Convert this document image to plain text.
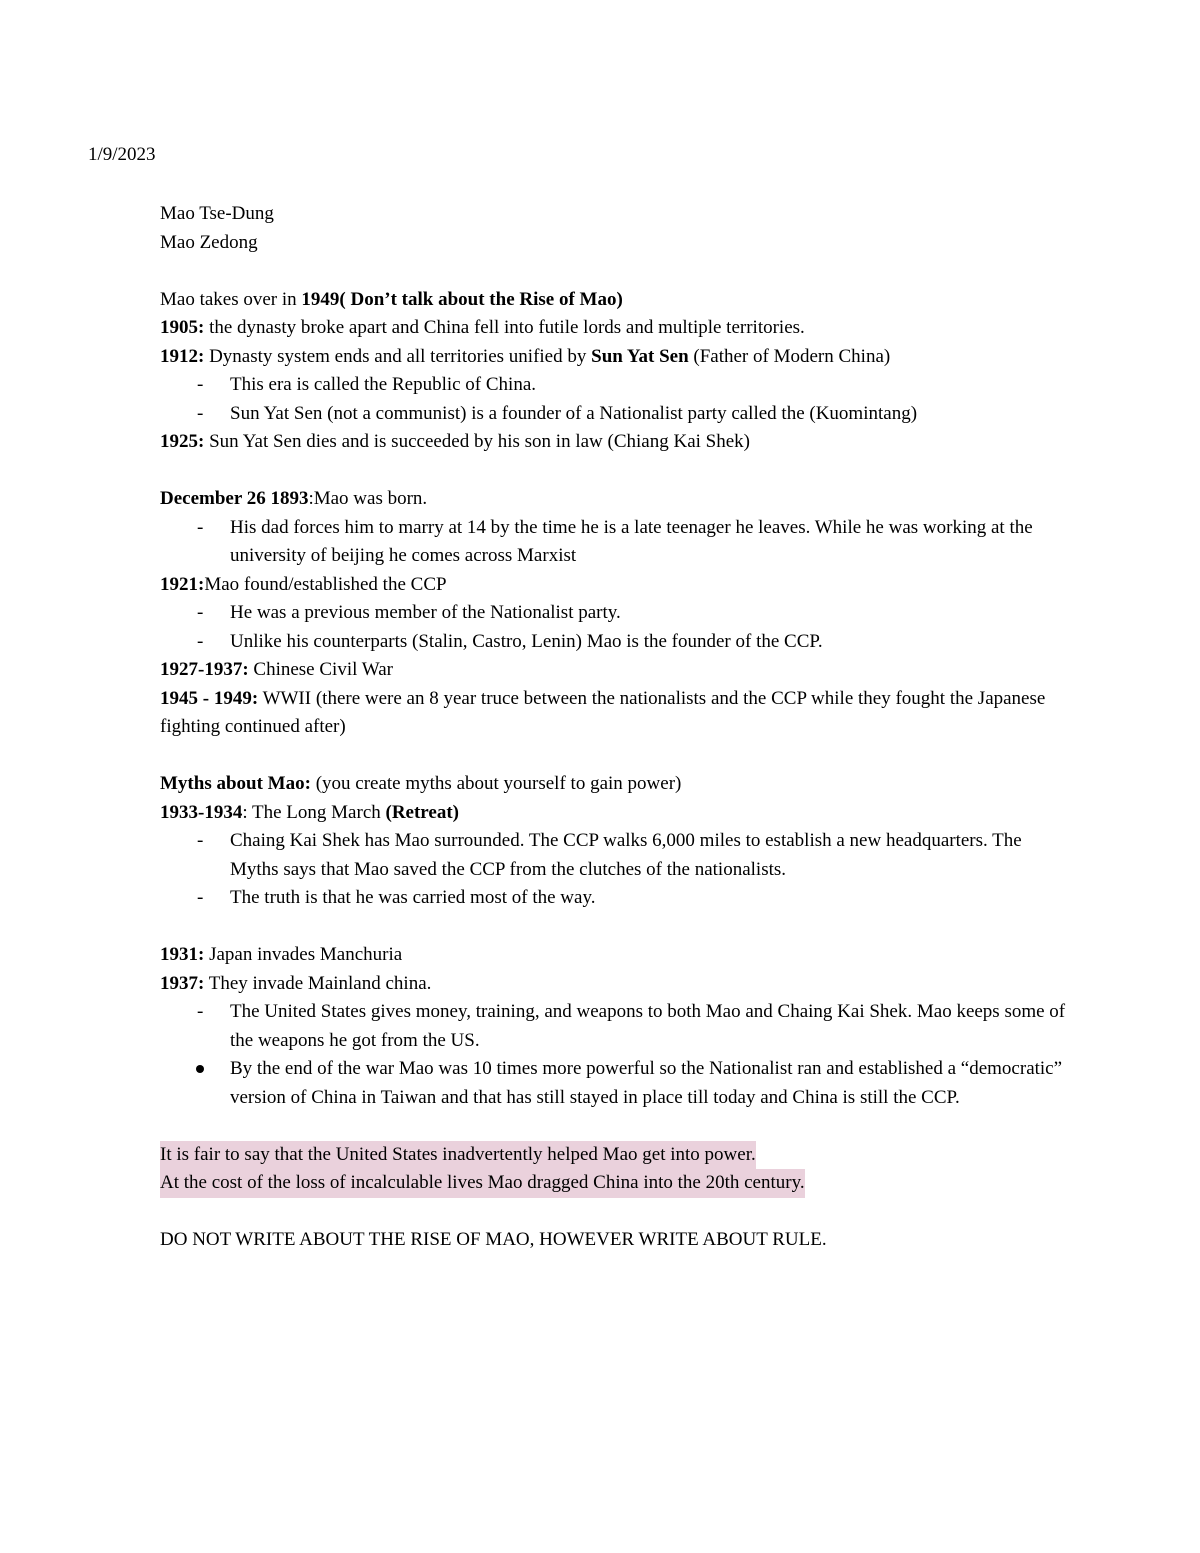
1/9/2023
Mao Tse-Dung
Mao Zedong
Mao takes over in 1949( Don’t talk about the Rise of Mao)
1905: the dynasty broke apart and China fell into futile lords and multiple territories.
1912: Dynasty system ends and all territories unified by Sun Yat Sen (Father of Modern China)
- This era is called the Republic of China.
- Sun Yat Sen (not a communist) is a founder of a Nationalist party called the (Kuomintang)
1925: Sun Yat Sen dies and is succeeded by his son in law (Chiang Kai Shek)
December 26 1893:Mao was born.
- His dad forces him to marry at 14 by the time he is a late teenager he leaves. While he was working at the university of beijing he comes across Marxist
1921:Mao found/established the CCP
- He was a previous member of the Nationalist party.
- Unlike his counterparts (Stalin, Castro, Lenin) Mao is the founder of the CCP.
1927-1937: Chinese Civil War
1945 - 1949: WWII (there were an 8 year truce between the nationalists and the CCP while they fought the Japanese fighting continued after)
Myths about Mao: (you create myths about yourself to gain power)
1933-1934: The Long March (Retreat)
- Chaing Kai Shek has Mao surrounded. The CCP walks 6,000 miles to establish a new headquarters. The Myths says that Mao saved the CCP from the clutches of the nationalists.
- The truth is that he was carried most of the way.
1931: Japan invades Manchuria
1937: They invade Mainland china.
- The United States gives money, training, and weapons to both Mao and Chaing Kai Shek. Mao keeps some of the weapons he got from the US.
By the end of the war Mao was 10 times more powerful so the Nationalist ran and established a “democratic” version of China in Taiwan and that has still stayed in place till today and China is still the CCP.
It is fair to say that the United States inadvertently helped Mao get into power.
At the cost of the loss of incalculable lives Mao dragged China into the 20th century.
DO NOT WRITE ABOUT THE RISE OF MAO, HOWEVER WRITE ABOUT RULE.
